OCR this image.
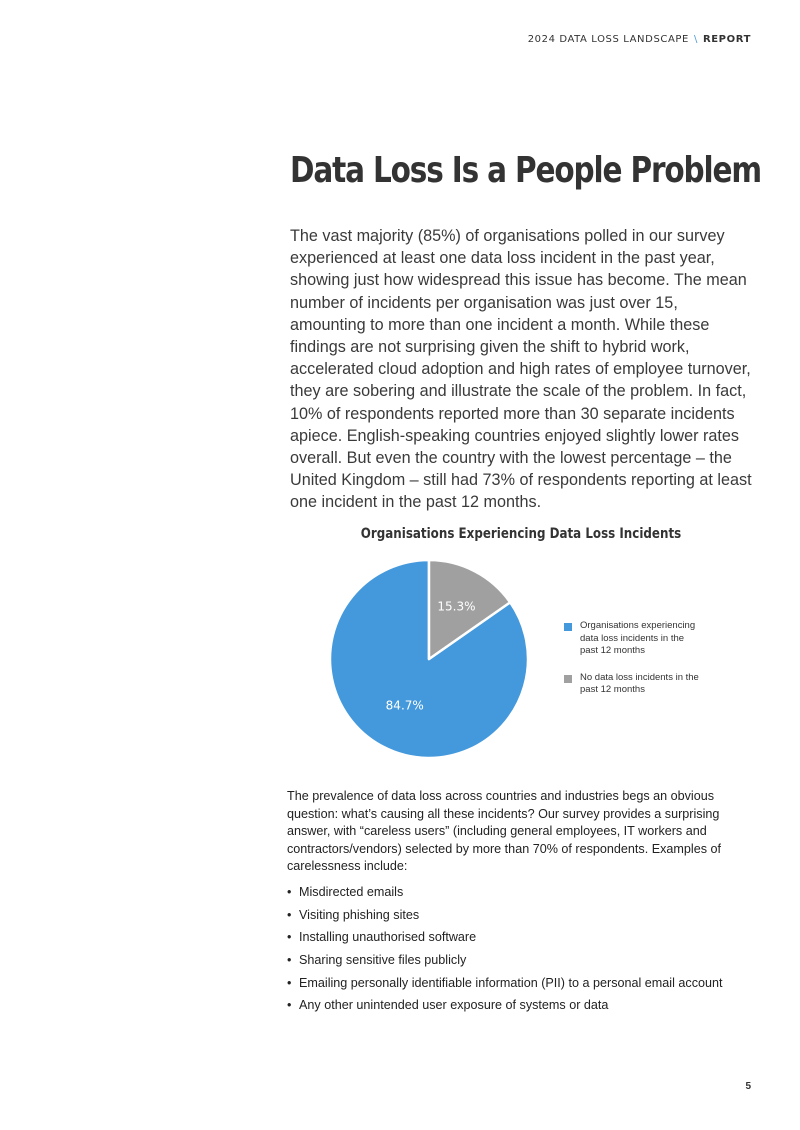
2024 DATA LOSS LANDSCAPE \ REPORT
Data Loss Is a People Problem

The vast majority (85%) of organisations polled in our survey experienced at least one data loss incident in the past year, showing just how widespread this issue has become. The mean number of incidents per organisation was just over 15, amounting to more than one incident a month. While these findings are not surprising given the shift to hybrid work, accelerated cloud adoption and high rates of employee turnover, they are sobering and illustrate the scale of the problem. In fact, 10% of respondents reported more than 30 separate incidents apiece. English-speaking countries enjoyed slightly lower rates overall. But even the country with the lowest percentage – the United Kingdom – still had 73% of respondents reporting at least one incident in the past 12 months.

Organisations Experiencing Data Loss Incidents
84.7%
15.3%
Organisations experiencing data loss incidents in the past 12 months
No data loss incidents in the past 12 months

The prevalence of data loss across countries and industries begs an obvious question: what’s causing all these incidents? Our survey provides a surprising answer, with “careless users” (including general employees, IT workers and contractors/vendors) selected by more than 70% of respondents. Examples of carelessness include:

• Misdirected emails
• Visiting phishing sites
• Installing unauthorised software
• Sharing sensitive files publicly
• Emailing personally identifiable information (PII) to a personal email account
• Any other unintended user exposure of systems or data
5
